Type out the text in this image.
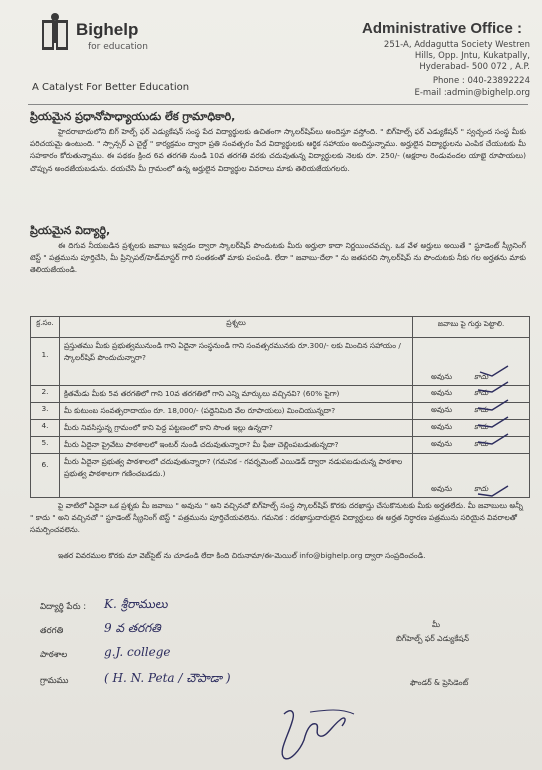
Bighelp
for education
A Catalyst For Better Education
Administrative Office :
251-A, Addagutta Society Westren
Hills, Opp. Jntu, Kukatpally,
Hyderabad- 500 072 , A.P.
Phone : 040-23892224
E-mail :admin@bighelp.org
ప్రియమైన ప్రధానోపాధ్యాయుడు లేక గ్రామాధికారి,
హైదరాబాదులోని బిగ్ హెల్ప్ ఫర్ ఎడ్యుకేషన్ సంస్థ పేద విద్యార్థులకు ఉచితంగా స్కాలర్‌షిప్‌లు అందిస్తూ వస్తోంది. " బిగ్‌హెల్ప్ ఫర్ ఎడ్యుకేషన్ " స్వచ్ఛంద సంస్థ మీకు పరిచయమై ఉంటుంది. " స్పాన్సర్ ఎ చైల్డ్ " కార్యక్రమం ద్వారా ప్రతి సంవత్సరం పేద విద్యార్థులకు ఆర్థిక సహాయం అందిస్తున్నాము. అర్హులైన విద్యార్థులను ఎంపిక చేయుటకు మీ సహకారం కోరుతున్నాము. ఈ పథకం క్రింద 6వ తరగతి నుండి 10వ తరగతి వరకు చదువుతున్న విద్యార్థులకు నెలకు రూ. 250/- (అక్షరాల రెండువందల యాభై రూపాయలు) చొప్పున అందజేయబడును. దయచేసి మీ గ్రామంలో ఉన్న అర్హులైన విద్యార్థుల వివరాలు మాకు తెలియజేయగలరు.
ప్రియమైన విద్యార్థి,
ఈ దిగువ నీయబడిన ప్రశ్నలకు జవాబు ఇవ్వడం ద్వారా స్కాలర్‌షిప్ పొందుటకు మీరు అర్హులా కాదా నిర్ణయించవచ్చు. ఒక వేళ అర్హులు అయితే " స్టూడెంట్ స్క్రీనింగ్ టెస్ట్ " పత్రమును పూర్తిచేసి, మీ ప్రిన్సిపల్/హెడ్‌మాస్టర్ గారి సంతకంతో మాకు పంపండి. లేదా " జవాబు-దేలా " ను జతపరచి స్కాలర్‌షిప్ ను పొందుటకు నీకు గల అర్హతను మాకు తెలియజేయండి.
క్ర.సం.	ప్రశ్నలు	జవాబు పై గుర్తు పెట్టాలి.
1.	ప్రస్తుతము మీకు ప్రభుత్వమునుండి గాని ఏదైనా సంస్థనుండి గాని సంవత్సరమునకు రూ.300/- లకు మించిన సహాయం / స్కాలర్‌షిప్ పొందుచున్నారా?	అవును కాదు
2.	క్రితమేడు మీకు 5వ తరగతిలో గాని 10వ తరగతిలో గాని ఎన్ని మార్కులు వచ్చినవి? (60% పైగా)	అవును కాదు
3.	మీ కుటుంబ సంవత్సరాదాయం రూ. 18,000/- (పద్దెనిమిది వేల రూపాయలు) మించియున్నదా?	అవును కాదు
4.	మీరు నివసిస్తున్న గ్రామంలో కాని పెద్ద పట్టణంలో కాని సొంత ఇల్లు ఉన్నదా?	అవును కాదు
5.	మీరు ఏదైనా ప్రైవేటు పాఠశాలలో ఇంటర్ నుండి చదువుతున్నారా? మీ ఫీజు చెల్లింపబడుతున్నదా?	అవును కాదు
6.	మీరు ఏదైనా ప్రభుత్వ పాఠశాలలో చదువుతున్నారా? (గమనిక - గవర్నమెంట్ ఎయిడెడ్ ద్వారా నడుపబడుచున్న పాఠశాల ప్రభుత్వ పాఠశాలగా గణించబడదు.)	అవును కాదు
పై వాటిలో ఏదైనా ఒక ప్రశ్నకు మీ జవాబు " అవును " అని వచ్చినచో బిగ్‌హెల్ప్ సంస్థ స్కాలర్‌షిప్ కొరకు దరఖాస్తు చేసుకొనుటకు మీకు అర్హతలేదు. మీ జవాబులు అన్నీ " కాదు " అని వచ్చినచో " స్టూడెంట్ స్క్రీనింగ్ టెస్ట్ " పత్రమును పూర్తిచేయవలెను. గమనిక : దరఖాస్తుదారులైన విద్యార్థులు ఈ అర్హత నిర్ధారణ పత్రమును సరియైన వివరాలతో సమర్పించవలెను.
ఇతర వివరముల కొరకు మా వెబ్‌సైట్ ను చూడండి లేదా కింది చిరునామా/ఈ-మెయిల్ info@bighelp.org ద్వారా సంప్రదించండి.
విద్యార్థి పేరు : K. శ్రీరాములు
తరగతి	9 వ తరగతి
పాఠశాల	g.J. college
గ్రామము	( H. N. Peta / చౌపాడా )
మీ
బిగ్‌హెల్ప్ ఫర్ ఎడ్యుకేషన్
ఫౌండర్ & ప్రెసిడెంట్
